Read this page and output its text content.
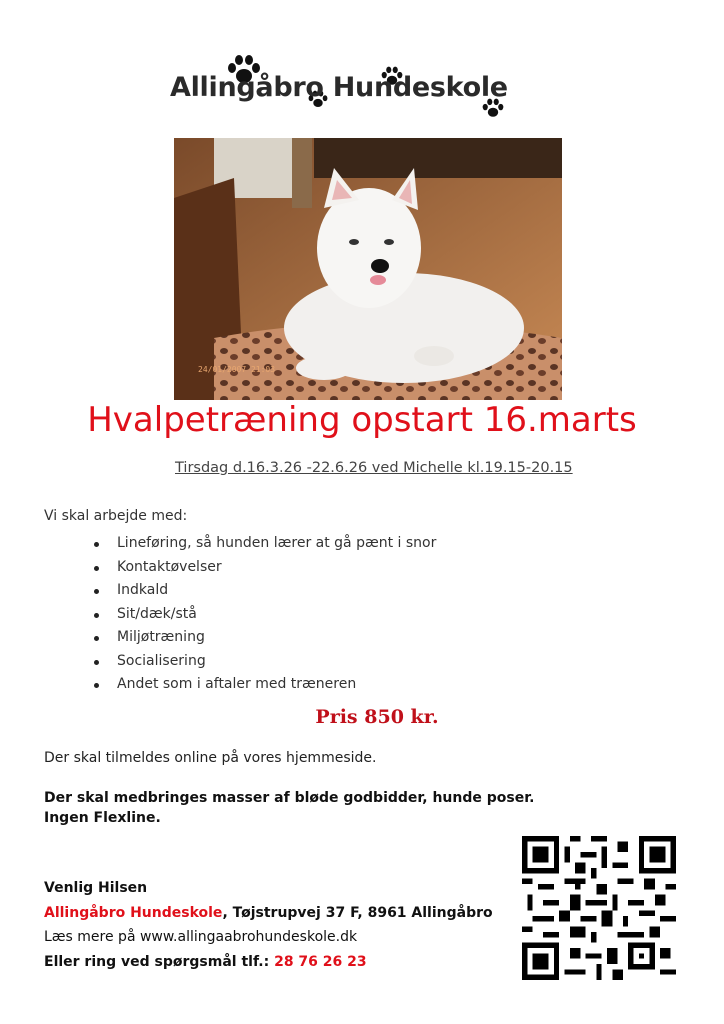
Allingåbro Hundeskole
24/01/2007 21:03
Hvalpetræning opstart 16.marts
Tirsdag d.16.3.26 -22.6.26 ved Michelle kl.19.15-20.15
Vi skal arbejde med:
Lineføring, så hunden lærer at gå pænt i snor
Kontaktøvelser
Indkald
Sit/dæk/stå
Miljøtræning
Socialisering
Andet som i aftaler med træneren
Pris 850 kr.
Der skal tilmeldes online på vores hjemmeside.
Der skal medbringes masser af bløde godbidder, hunde poser.
Ingen Flexline.
Venlig Hilsen
Allingåbro Hundeskole, Tøjstrupvej 37 F, 8961 Allingåbro
Læs mere på www.allingaabrohundeskole.dk
Eller ring ved spørgsmål tlf.: 28 76 26 23
